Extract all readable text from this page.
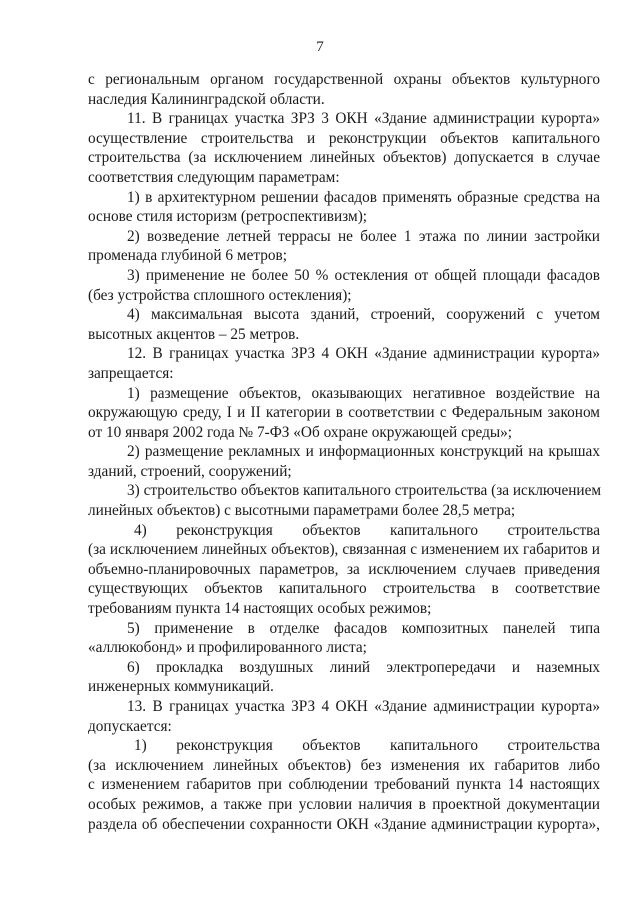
7
с региональным органом государственной охраны объектов культурного
наследия Калининградской области.
11. В границах участка ЗРЗ 3 ОКН «Здание администрации курорта»
осуществление строительства и реконструкции объектов капитального
строительства (за исключением линейных объектов) допускается в случае
соответствия следующим параметрам:
1) в архитектурном решении фасадов применять образные средства на
основе стиля историзм (ретроспективизм);
2) возведение летней террасы не более 1 этажа по линии застройки
променада глубиной 6 метров;
3) применение не более 50 % остекления от общей площади фасадов
(без устройства сплошного остекления);
4) максимальная высота зданий, строений, сооружений с учетом
высотных акцентов – 25 метров.
12. В границах участка ЗРЗ 4 ОКН «Здание администрации курорта»
запрещается:
1) размещение объектов, оказывающих негативное воздействие на
окружающую среду, I и II категории в соответствии с Федеральным законом
от 10 января 2002 года № 7-ФЗ «Об охране окружающей среды»;
2) размещение рекламных и информационных конструкций на крышах
зданий, строений, сооружений;
3) строительство объектов капитального строительства (за исключением
линейных объектов) с высотными параметрами более 28,5 метра;
4) реконструкция объектов капитального строительства
(за исключением линейных объектов), связанная с изменением их габаритов и
объемно-планировочных параметров, за исключением случаев приведения
существующих объектов капитального строительства в соответствие
требованиям пункта 14 настоящих особых режимов;
5) применение в отделке фасадов композитных панелей типа
«аллюкобонд» и профилированного листа;
6) прокладка воздушных линий электропередачи и наземных
инженерных коммуникаций.
13. В границах участка ЗРЗ 4 ОКН «Здание администрации курорта»
допускается:
1) реконструкция объектов капитального строительства
(за исключением линейных объектов) без изменения их габаритов либо
с изменением габаритов при соблюдении требований пункта 14 настоящих
особых режимов, а также при условии наличия в проектной документации
раздела об обеспечении сохранности ОКН «Здание администрации курорта»,
